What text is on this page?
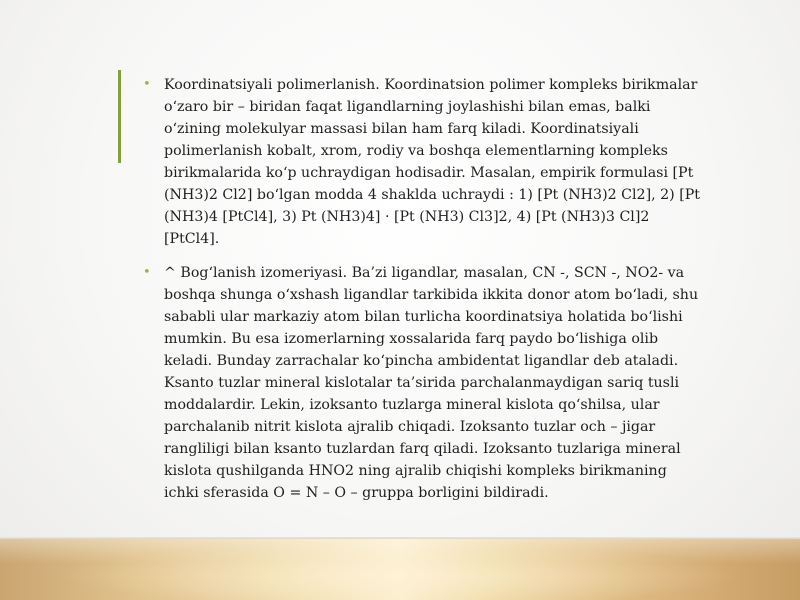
• Koordinatsiyali polimerlanish. Koordinatsion polimer kompleks birikmalar o‘zaro bir – biridan faqat ligandlarning joylashishi bilan emas, balki o‘zining molekulyar massasi bilan ham farq kiladi. Koordinatsiyali polimerlanish kobalt, xrom, rodiy va boshqa elementlarning kompleks birikmalarida ko‘p uchraydigan hodisadir. Masalan, empirik formulasi [Pt (NH3)2 Cl2] bo‘lgan modda 4 shaklda uchraydi : 1) [Pt (NH3)2 Cl2], 2) [Pt (NH3)4 [PtCl4], 3) Pt (NH3)4] · [Pt (NH3) Cl3]2, 4) [Pt (NH3)3 Cl]2 [PtCl4].
• ^ Bog‘lanish izomeriyasi. Ba’zi ligandlar, masalan, CN -, SCN -, NO2- va boshqa shunga o‘xshash ligandlar tarkibida ikkita donor atom bo‘ladi, shu sababli ular markaziy atom bilan turlicha koordinatsiya holatida bo‘lishi mumkin. Bu esa izomerlarning xossalarida farq paydo bo‘lishiga olib keladi. Bunday zarrachalar ko‘pincha ambidentat ligandlar deb ataladi. Ksanto tuzlar mineral kislotalar ta’sirida parchalanmaydigan sariq tusli moddalardir. Lekin, izoksanto tuzlarga mineral kislota qo‘shilsa, ular parchalanib nitrit kislota ajralib chiqadi. Izoksanto tuzlar och – jigar rangliligi bilan ksanto tuzlardan farq qiladi. Izoksanto tuzlariga mineral kislota qushilganda HNO2 ning ajralib chiqishi kompleks birikmaning ichki sferasida O = N – O – gruppa borligini bildiradi.
